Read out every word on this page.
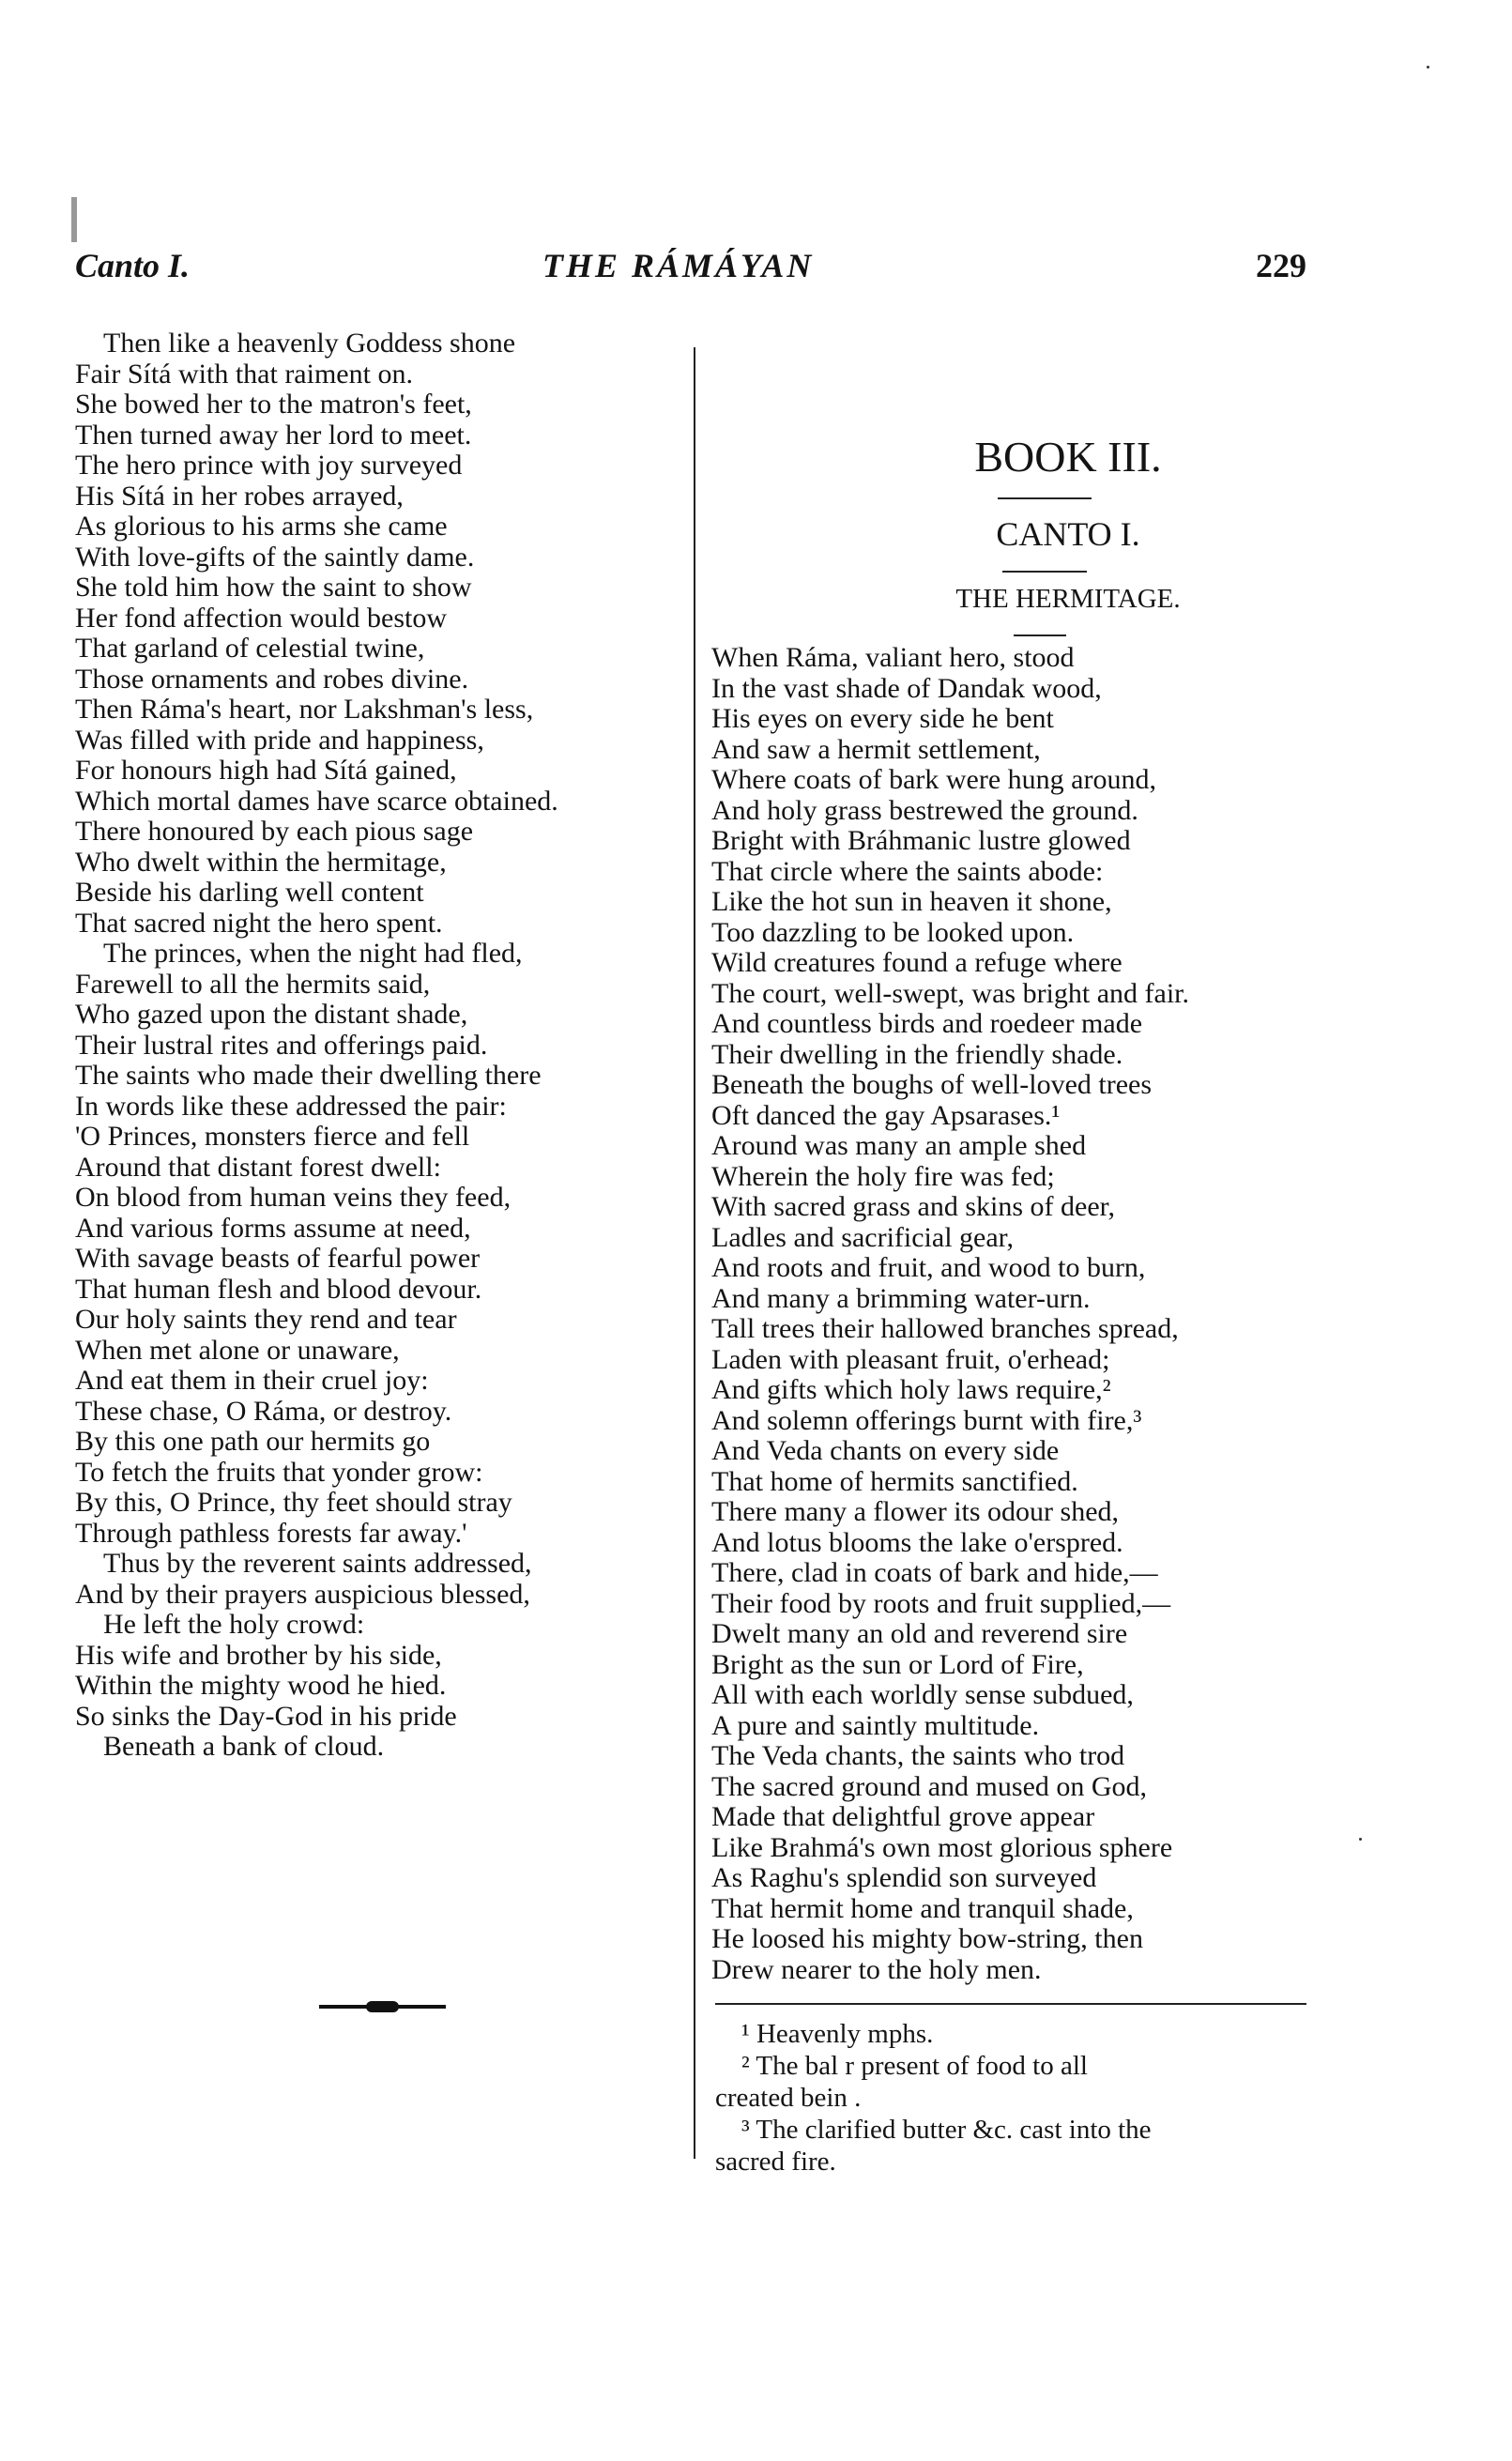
Canto I.	THE RÁMÁYAN	229
Then like a heavenly Goddess shone
Fair Sítá with that raiment on.
She bowed her to the matron's feet,
Then turned away her lord to meet.
The hero prince with joy surveyed
His Sítá in her robes arrayed,
As glorious to his arms she came
With love-gifts of the saintly dame.
She told him how the saint to show
Her fond affection would bestow
That garland of celestial twine,
Those ornaments and robes divine.
Then Ráma's heart, nor Lakshman's less,
Was filled with pride and happiness,
For honours high had Sítá gained,
Which mortal dames have scarce obtained.
There honoured by each pious sage
Who dwelt within the hermitage,
Beside his darling well content
That sacred night the hero spent.
The princes, when the night had fled,
Farewell to all the hermits said,
Who gazed upon the distant shade,
Their lustral rites and offerings paid.
The saints who made their dwelling there
In words like these addressed the pair:
'O Princes, monsters fierce and fell
Around that distant forest dwell:
On blood from human veins they feed,
And various forms assume at need,
With savage beasts of fearful power
That human flesh and blood devour.
Our holy saints they rend and tear
When met alone or unaware,
And eat them in their cruel joy:
These chase, O Ráma, or destroy.
By this one path our hermits go
To fetch the fruits that yonder grow:
By this, O Prince, thy feet should stray
Through pathless forests far away.'
Thus by the reverent saints addressed,
And by their prayers auspicious blessed,
He left the holy crowd:
His wife and brother by his side,
Within the mighty wood he hied.
So sinks the Day-God in his pride
Beneath a bank of cloud.
BOOK III.
CANTO I.
THE HERMITAGE.
When Ráma, valiant hero, stood
In the vast shade of Dandak wood,
His eyes on every side he bent
And saw a hermit settlement,
Where coats of bark were hung around,
And holy grass bestrewed the ground.
Bright with Bráhmanic lustre glowed
That circle where the saints abode:
Like the hot sun in heaven it shone,
Too dazzling to be looked upon.
Wild creatures found a refuge where
The court, well-swept, was bright and fair.
And countless birds and roedeer made
Their dwelling in the friendly shade.
Beneath the boughs of well-loved trees
Oft danced the gay Apsarases.¹
Around was many an ample shed
Wherein the holy fire was fed;
With sacred grass and skins of deer,
Ladles and sacrificial gear,
And roots and fruit, and wood to burn,
And many a brimming water-urn.
Tall trees their hallowed branches spread,
Laden with pleasant fruit, o'erhead;
And gifts which holy laws require,²
And solemn offerings burnt with fire,³
And Veda chants on every side
That home of hermits sanctified.
There many a flower its odour shed,
And lotus blooms the lake o'erspred.
There, clad in coats of bark and hide,—
Their food by roots and fruit supplied,—
Dwelt many an old and reverend sire
Bright as the sun or Lord of Fire,
All with each worldly sense subdued,
A pure and saintly multitude.
The Veda chants, the saints who trod
The sacred ground and mused on God,
Made that delightful grove appear
Like Brahmá's own most glorious sphere
As Raghu's splendid son surveyed
That hermit home and tranquil shade,
He loosed his mighty bow-string, then
Drew nearer to the holy men.
¹ Heavenly mphs.
² The bal r present of food to all
created bein .
³ The clarified butter &c. cast into the
sacred fire.
